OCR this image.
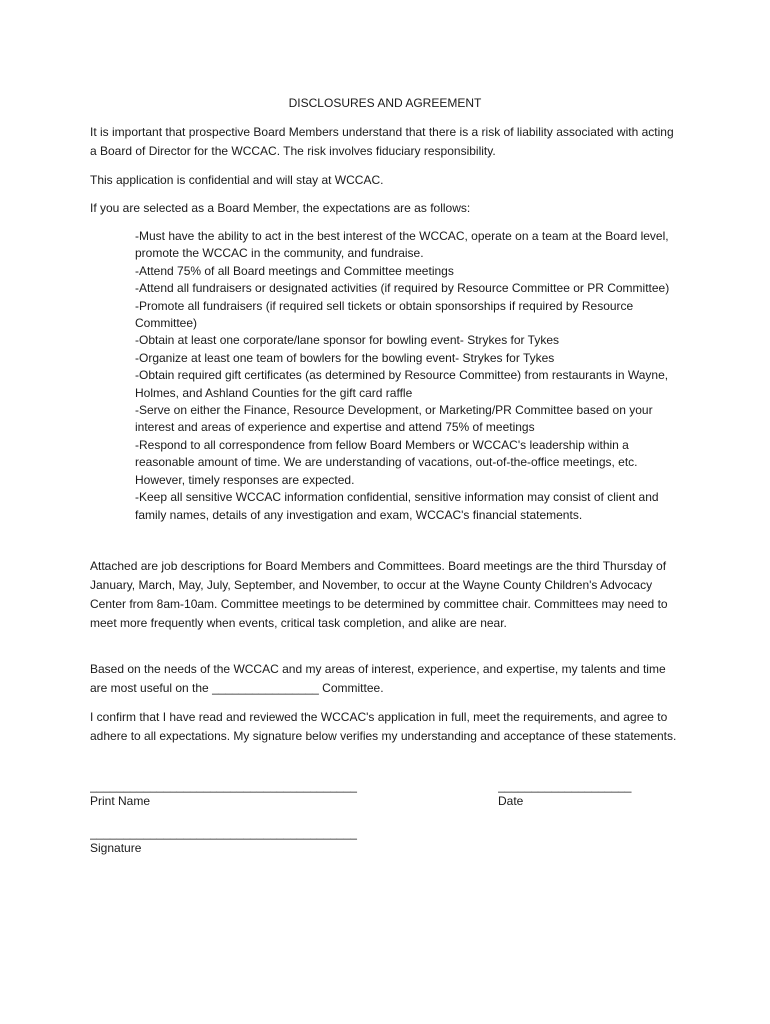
DISCLOSURES AND AGREEMENT
It is important that prospective Board Members understand that there is a risk of liability associated with acting a Board of Director for the WCCAC. The risk involves fiduciary responsibility.
This application is confidential and will stay at WCCAC.
If you are selected as a Board Member, the expectations are as follows:

-Must have the ability to act in the best interest of the WCCAC, operate on a team at the Board level, promote the WCCAC in the community, and fundraise.

-Attend 75% of all Board meetings and Committee meetings

-Attend all fundraisers or designated activities (if required by Resource Committee or PR Committee)

-Promote all fundraisers (if required sell tickets or obtain sponsorships if required by Resource Committee)

-Obtain at least one corporate/lane sponsor for bowling event- Strykes for Tykes

-Organize at least one team of bowlers for the bowling event- Strykes for Tykes

-Obtain required gift certificates (as determined by Resource Committee) from restaurants in Wayne, Holmes, and Ashland Counties for the gift card raffle

-Serve on either the Finance, Resource Development, or Marketing/PR Committee based on your interest and areas of experience and expertise and attend 75% of meetings

-Respond to all correspondence from fellow Board Members or WCCAC's leadership within a reasonable amount of time. We are understanding of vacations, out-of-the-office meetings, etc. However, timely responses are expected.

-Keep all sensitive WCCAC information confidential, sensitive information may consist of client and family names, details of any investigation and exam, WCCAC's financial statements.

Attached are job descriptions for Board Members and Committees. Board meetings are the third Thursday of January, March, May, July, September, and November, to occur at the Wayne County Children's Advocacy Center from 8am-10am. Committee meetings to be determined by committee chair. Committees may need to meet more frequently when events, critical task completion, and alike are near.
Based on the needs of the WCCAC and my areas of interest, experience, and expertise, my talents and time are most useful on the ________________ Committee.
I confirm that I have read and reviewed the WCCAC's application in full, meet the requirements, and agree to adhere to all expectations. My signature below verifies my understanding and acceptance of these statements.
________________________________________
Print Name
____________________
Date
________________________________________
Signature
